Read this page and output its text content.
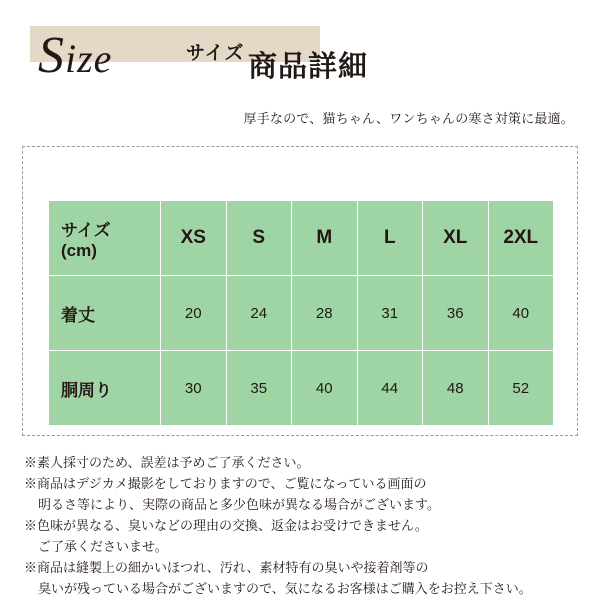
Size	サイズ 商品詳細
厚手なので、猫ちゃん、ワンちゃんの寒さ対策に最適。
サイズ
(cm)	XS	S	M	L	XL	2XL
着丈	20	24	28	31	36	40
胴周り	30	35	40	44	48	52
※素人採寸のため、誤差は予めご了承ください。
※商品はデジカメ撮影をしておりますので、ご覧になっている画面の
明るさ等により、実際の商品と多少色味が異なる場合がございます。
※色味が異なる、臭いなどの理由の交換、返金はお受けできません。
ご了承くださいませ。
※商品は縫製上の細かいほつれ、汚れ、素材特有の臭いや接着剤等の
臭いが残っている場合がございますので、気になるお客様はご購入をお控え下さい。
